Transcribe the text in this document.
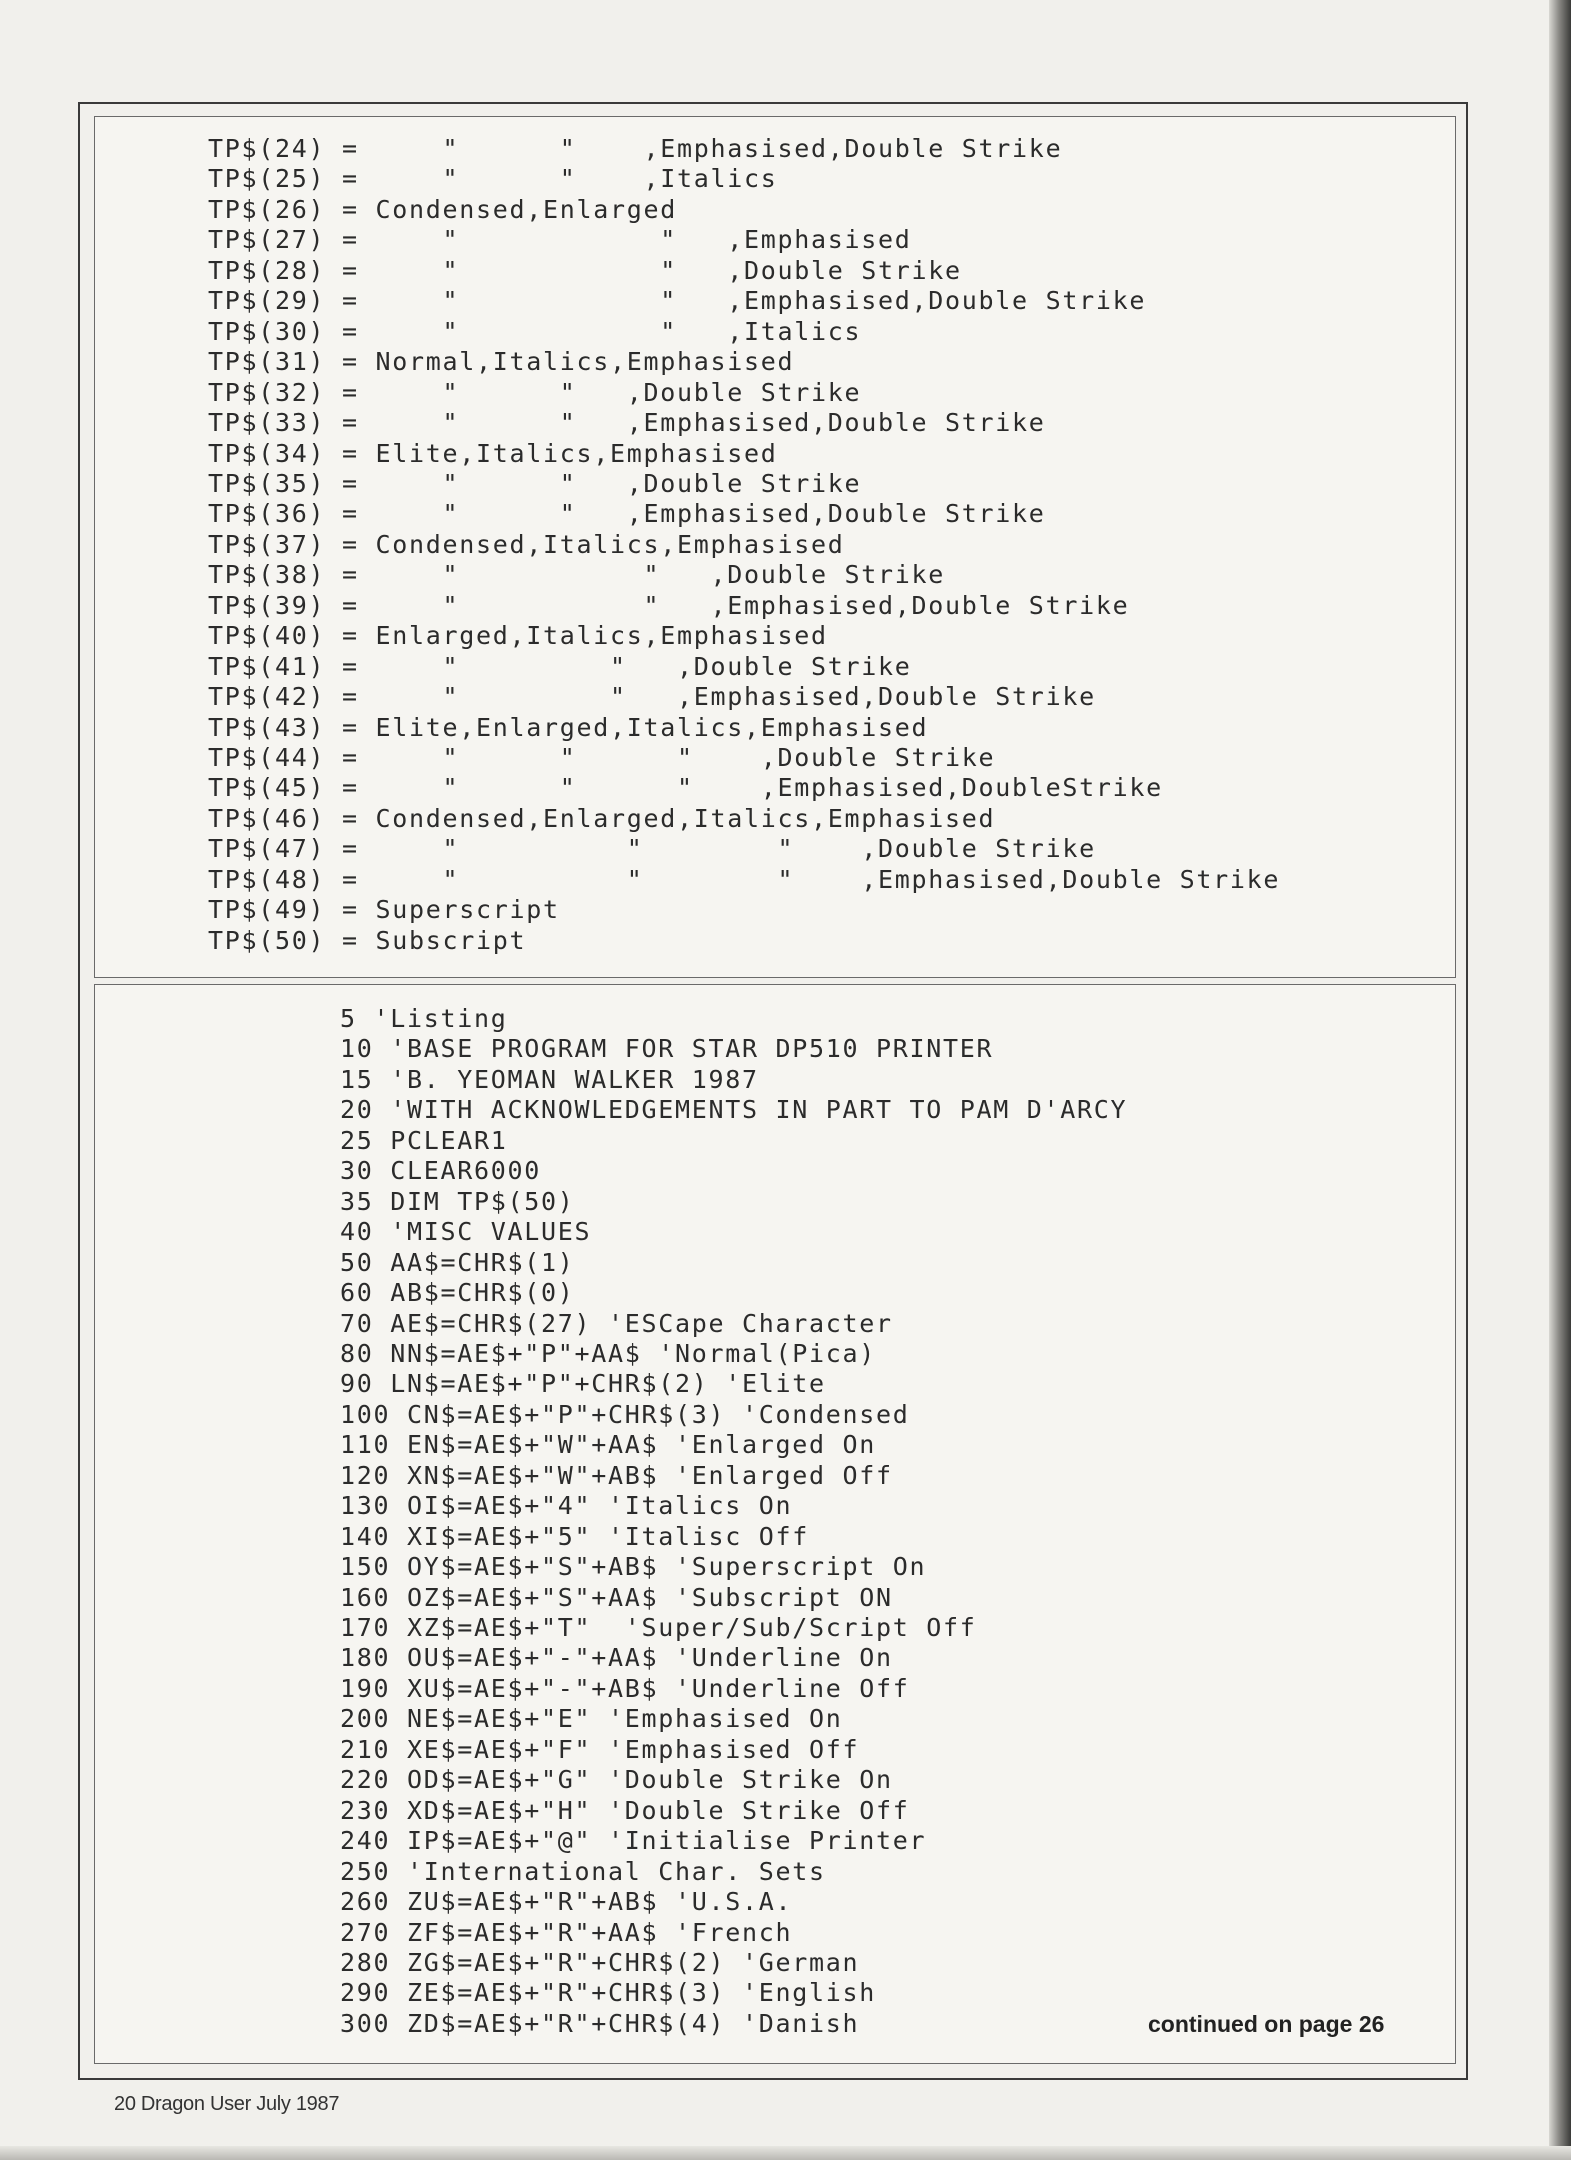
TP$(24) =     "      "    ,Emphasised,Double Strike
TP$(25) =     "      "    ,Italics
TP$(26) = Condensed,Enlarged
TP$(27) =     "            "   ,Emphasised
TP$(28) =     "            "   ,Double Strike
TP$(29) =     "            "   ,Emphasised,Double Strike
TP$(30) =     "            "   ,Italics
TP$(31) = Normal,Italics,Emphasised
TP$(32) =     "      "   ,Double Strike
TP$(33) =     "      "   ,Emphasised,Double Strike
TP$(34) = Elite,Italics,Emphasised
TP$(35) =     "      "   ,Double Strike
TP$(36) =     "      "   ,Emphasised,Double Strike
TP$(37) = Condensed,Italics,Emphasised
TP$(38) =     "           "   ,Double Strike
TP$(39) =     "           "   ,Emphasised,Double Strike
TP$(40) = Enlarged,Italics,Emphasised
TP$(41) =     "         "   ,Double Strike
TP$(42) =     "         "   ,Emphasised,Double Strike
TP$(43) = Elite,Enlarged,Italics,Emphasised
TP$(44) =     "      "      "    ,Double Strike
TP$(45) =     "      "      "    ,Emphasised,DoubleStrike
TP$(46) = Condensed,Enlarged,Italics,Emphasised
TP$(47) =     "          "        "    ,Double Strike
TP$(48) =     "          "        "    ,Emphasised,Double Strike
TP$(49) = Superscript
TP$(50) = Subscript
5 'Listing
10 'BASE PROGRAM FOR STAR DP510 PRINTER
15 'B. YEOMAN WALKER 1987
20 'WITH ACKNOWLEDGEMENTS IN PART TO PAM D'ARCY
25 PCLEAR1
30 CLEAR6000
35 DIM TP$(50)
40 'MISC VALUES
50 AA$=CHR$(1)
60 AB$=CHR$(0)
70 AE$=CHR$(27) 'ESCape Character
80 NN$=AE$+"P"+AA$ 'Normal(Pica)
90 LN$=AE$+"P"+CHR$(2) 'Elite
100 CN$=AE$+"P"+CHR$(3) 'Condensed
110 EN$=AE$+"W"+AA$ 'Enlarged On
120 XN$=AE$+"W"+AB$ 'Enlarged Off
130 OI$=AE$+"4" 'Italics On
140 XI$=AE$+"5" 'Italisc Off
150 OY$=AE$+"S"+AB$ 'Superscript On
160 OZ$=AE$+"S"+AA$ 'Subscript ON
170 XZ$=AE$+"T"  'Super/Sub/Script Off
180 OU$=AE$+"-"+AA$ 'Underline On
190 XU$=AE$+"-"+AB$ 'Underline Off
200 NE$=AE$+"E" 'Emphasised On
210 XE$=AE$+"F" 'Emphasised Off
220 OD$=AE$+"G" 'Double Strike On
230 XD$=AE$+"H" 'Double Strike Off
240 IP$=AE$+"@" 'Initialise Printer
250 'International Char. Sets
260 ZU$=AE$+"R"+AB$ 'U.S.A.
270 ZF$=AE$+"R"+AA$ 'French
280 ZG$=AE$+"R"+CHR$(2) 'German
290 ZE$=AE$+"R"+CHR$(3) 'English
300 ZD$=AE$+"R"+CHR$(4) 'Danish	continued on page 26
20 Dragon User July 1987
